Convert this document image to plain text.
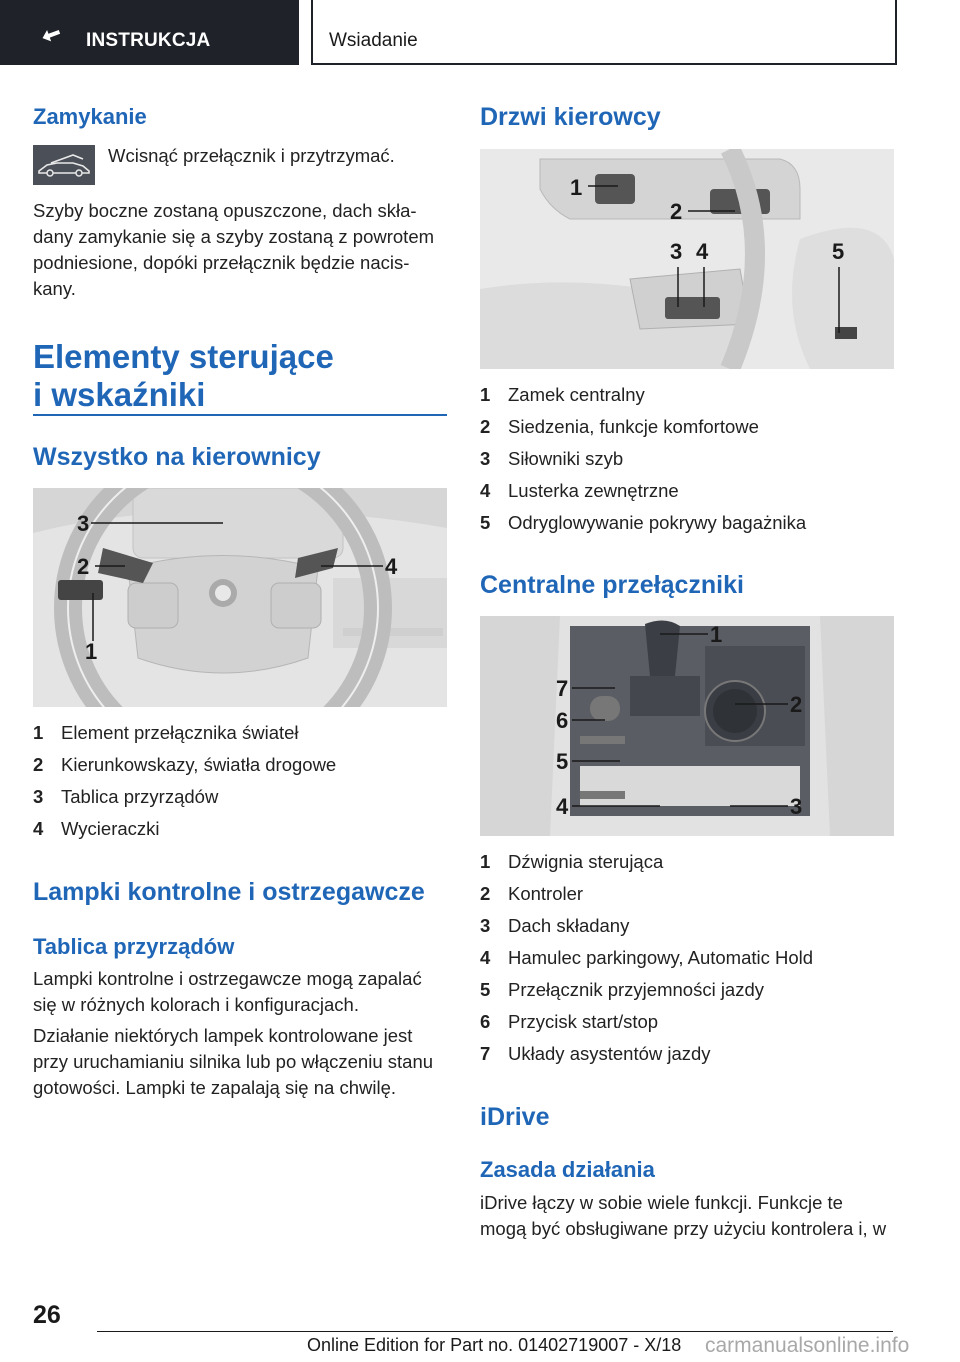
INSTRUKCJA	Wsiadanie
Zamykanie
Wcisnąć przełącznik i przytrzymać.
Szyby boczne zostaną opuszczone, dach skła-
dany zamykanie się a szyby zostaną z powrotem
podniesione, dopóki przełącznik będzie nacis-
kany.
Elementy sterujące
i wskaźniki
Wszystko na kierownicy
3
2	4
1
1 Element przełącznika świateł
2 Kierunkowskazy, światła drogowe
3 Tablica przyrządów
4 Wycieraczki
Lampki kontrolne i ostrzegawcze
Tablica przyrządów
Lampki kontrolne i ostrzegawcze mogą zapalać
się w różnych kolorach i konfiguracjach.
Działanie niektórych lampek kontrolowane jest
przy uruchamianiu silnika lub po włączeniu stanu
gotowości. Lampki te zapalają się na chwilę.
Drzwi kierowcy
1
2
3 4	5
1 Zamek centralny
2 Siedzenia, funkcje komfortowe
3 Siłowniki szyb
4 Lusterka zewnętrzne
5 Odryglowywanie pokrywy bagażnika
Centralne przełączniki
1
2
3
4
5
6
7
1 Dźwignia sterująca
2 Kontroler
3 Dach składany
4 Hamulec parkingowy, Automatic Hold
5 Przełącznik przyjemności jazdy
6 Przycisk start/stop
7 Układy asystentów jazdy
iDrive
Zasada działania
iDrive łączy w sobie wiele funkcji. Funkcje te
mogą być obsługiwane przy użyciu kontrolera i, w
26
Online Edition for Part no. 01402719007 - X/18 carmanualsonline.info
